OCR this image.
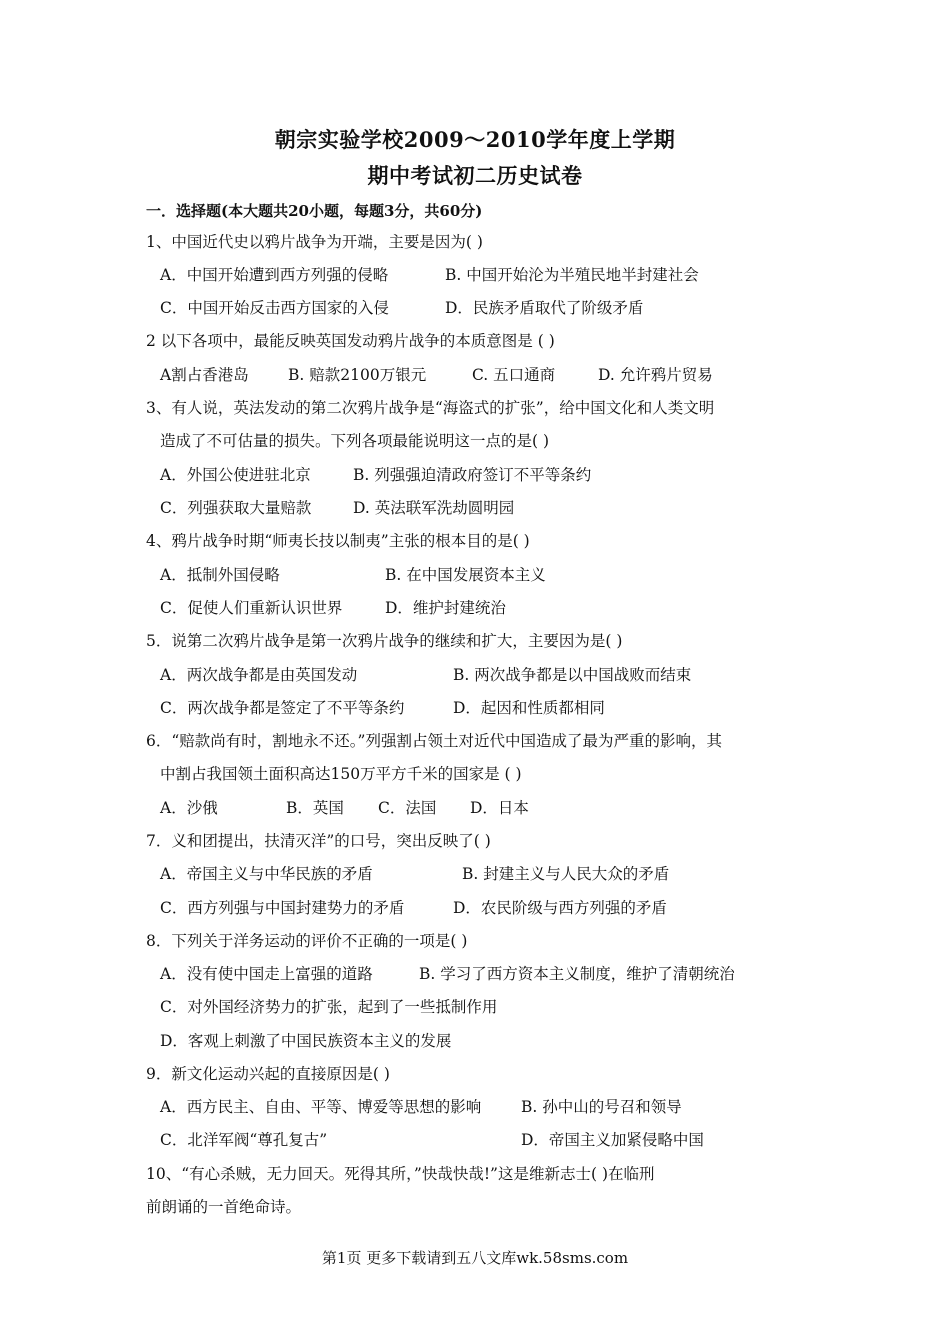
朝宗实验学校2009～2010学年度上学期
期中考试初二历史试卷
一．选择题(本大题共20小题，每题3分，共60分)
1、中国近代史以鸦片战争为开端，主要是因为( )
A．中国开始遭到西方列强的侵略	B. 中国开始沦为半殖民地半封建社会
C．中国开始反击西方国家的入侵	D．民族矛盾取代了阶级矛盾
2 以下各项中，最能反映英国发动鸦片战争的本质意图是 ( )
A割占香港岛	B. 赔款2100万银元	C. 五口通商	D. 允许鸦片贸易
3、有人说，英法发动的第二次鸦片战争是“海盗式的扩张”，给中国文化和人类文明
造成了不可估量的损失。下列各项最能说明这一点的是( )
A．外国公使进驻北京	B. 列强强迫清政府签订不平等条约
C．列强获取大量赔款	D. 英法联军洗劫圆明园
4、鸦片战争时期“师夷长技以制夷”主张的根本目的是( )
A．抵制外国侵略	B. 在中国发展资本主义
C．促使人们重新认识世界	D．维护封建统治
5．说第二次鸦片战争是第一次鸦片战争的继续和扩大，主要因为是( )
A．两次战争都是由英国发动	B. 两次战争都是以中国战败而结束
C．两次战争都是签定了不平等条约	D．起因和性质都相同
6．“赔款尚有时，割地永不还。”列强割占领土对近代中国造成了最为严重的影响，其
中割占我国领土面积高达150万平方千米的国家是 ( )
A．沙俄	B．英国 C．法国 D．日本
7．义和团提出，扶清灭洋”的口号，突出反映了( )
A．帝国主义与中华民族的矛盾	B. 封建主义与人民大众的矛盾
C．西方列强与中国封建势力的矛盾	D．农民阶级与西方列强的矛盾
8．下列关于洋务运动的评价不正确的一项是( )
A．没有使中国走上富强的道路	B. 学习了西方资本主义制度，维护了清朝统治
C．对外国经济势力的扩张，起到了一些抵制作用
D．客观上刺激了中国民族资本主义的发展
9．新文化运动兴起的直接原因是( )
A．西方民主、自由、平等、博爱等思想的影响	B. 孙中山的号召和领导
C．北洋军阀“尊孔复古”	D．帝国主义加紧侵略中国
10、“有心杀贼，无力回天。死得其所，”快哉快哉!”这是维新志士( )在临刑
前朗诵的一首绝命诗。
第1页 更多下载请到五八文库wk.58sms.com
